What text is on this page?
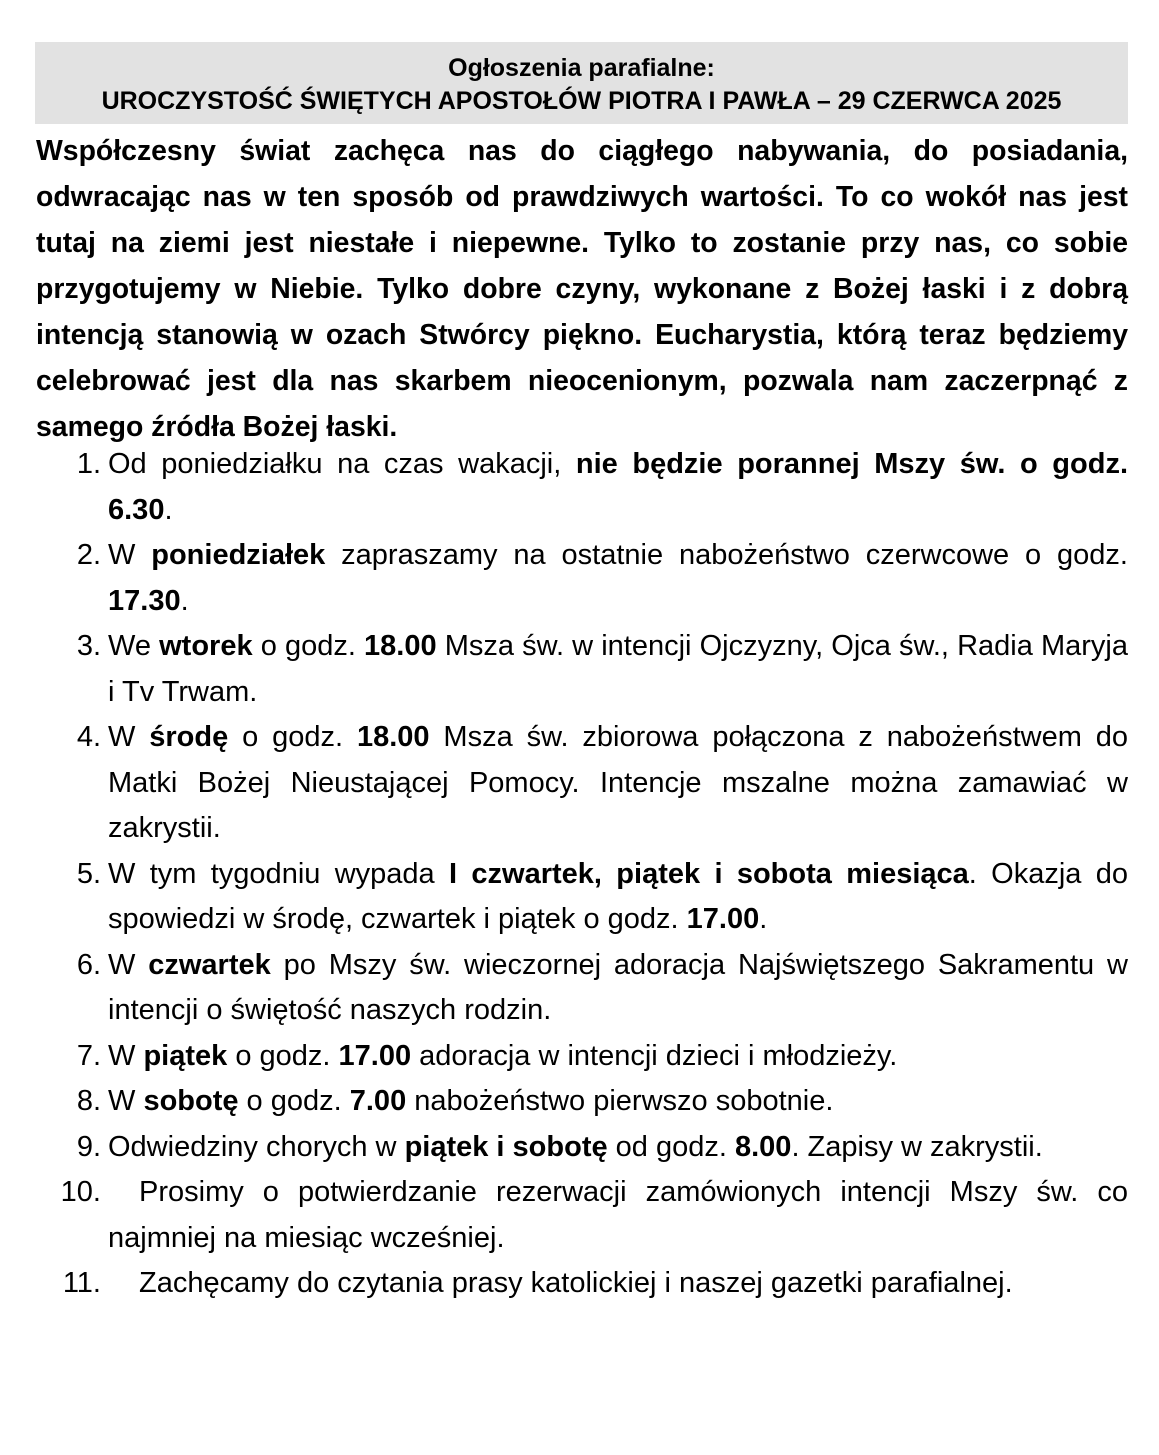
Ogłoszenia parafialne:
UROCZYSTOŚĆ ŚWIĘTYCH APOSTOŁÓW PIOTRA I PAWŁA – 29 CZERWCA 2025

Współczesny świat zachęca nas do ciągłego nabywania, do posiadania, odwracając nas w ten sposób od prawdziwych wartości. To co wokół nas jest tutaj na ziemi jest niestałe i niepewne. Tylko to zostanie przy nas, co sobie przygotujemy w Niebie. Tylko dobre czyny, wykonane z Bożej łaski i z dobrą intencją stanowią w ozach Stwórcy piękno. Eucharystia, którą teraz będziemy celebrować jest dla nas skarbem nieocenionym, pozwala nam zaczerpnąć z samego źródła Bożej łaski.

1. Od poniedziałku na czas wakacji, nie będzie porannej Mszy św. o godz. 6.30.
2. W poniedziałek zapraszamy na ostatnie nabożeństwo czerwcowe o godz. 17.30.
3. We wtorek o godz. 18.00 Msza św. w intencji Ojczyzny, Ojca św., Radia Maryja i Tv Trwam.
4. W środę o godz. 18.00 Msza św. zbiorowa połączona z nabożeństwem do Matki Bożej Nieustającej Pomocy. Intencje mszalne można zamawiać w zakrystii.
5. W tym tygodniu wypada I czwartek, piątek i sobota miesiąca. Okazja do spowiedzi w środę, czwartek i piątek o godz. 17.00.
6. W czwartek po Mszy św. wieczornej adoracja Najświętszego Sakramentu w intencji o świętość naszych rodzin.
7. W piątek o godz. 17.00 adoracja w intencji dzieci i młodzieży.
8. W sobotę o godz. 7.00 nabożeństwo pierwszo sobotnie.
9. Odwiedziny chorych w piątek i sobotę od godz. 8.00. Zapisy w zakrystii.
10. Prosimy o potwierdzanie rezerwacji zamówionych intencji Mszy św. co najmniej na miesiąc wcześniej.
11. Zachęcamy do czytania prasy katolickiej i naszej gazetki parafialnej.
